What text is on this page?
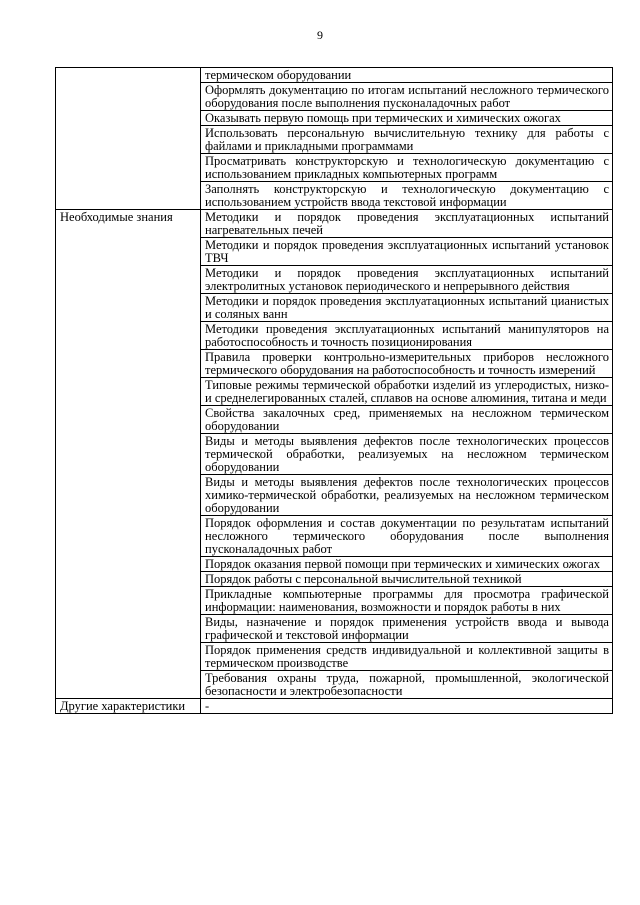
9
	термическом оборудовании
	Оформлять документацию по итогам испытаний несложного термического оборудования после выполнения пусконаладочных работ
	Оказывать первую помощь при термических и химических ожогах
	Использовать персональную вычислительную технику для работы с файлами и прикладными программами
	Просматривать конструкторскую и технологическую документацию с использованием прикладных компьютерных программ
	Заполнять конструкторскую и технологическую документацию с использованием устройств ввода текстовой информации
Необходимые знания	Методики и порядок проведения эксплуатационных испытаний нагревательных печей
	Методики и порядок проведения эксплуатационных испытаний установок ТВЧ
	Методики и порядок проведения эксплуатационных испытаний электролитных установок периодического и непрерывного действия
	Методики и порядок проведения эксплуатационных испытаний цианистых и соляных ванн
	Методики проведения эксплуатационных испытаний манипуляторов на работоспособность и точность позиционирования
	Правила проверки контрольно-измерительных приборов несложного термического оборудования на работоспособность и точность измерений
	Типовые режимы термической обработки изделий из углеродистых, низко- и среднелегированных сталей, сплавов на основе алюминия, титана и меди
	Свойства закалочных сред, применяемых на несложном термическом оборудовании
	Виды и методы выявления дефектов после технологических процессов термической обработки, реализуемых на несложном термическом оборудовании
	Виды и методы выявления дефектов после технологических процессов химико-термической обработки, реализуемых на несложном термическом оборудовании
	Порядок оформления и состав документации по результатам испытаний несложного термического оборудования после выполнения пусконаладочных работ
	Порядок оказания первой помощи при термических и химических ожогах
	Порядок работы с персональной вычислительной техникой
	Прикладные компьютерные программы для просмотра графической информации: наименования, возможности и порядок работы в них
	Виды, назначение и порядок применения устройств ввода и вывода графической и текстовой информации
	Порядок применения средств индивидуальной и коллективной защиты в термическом производстве
	Требования охраны труда, пожарной, промышленной, экологической безопасности и электробезопасности
Другие характеристики	-
